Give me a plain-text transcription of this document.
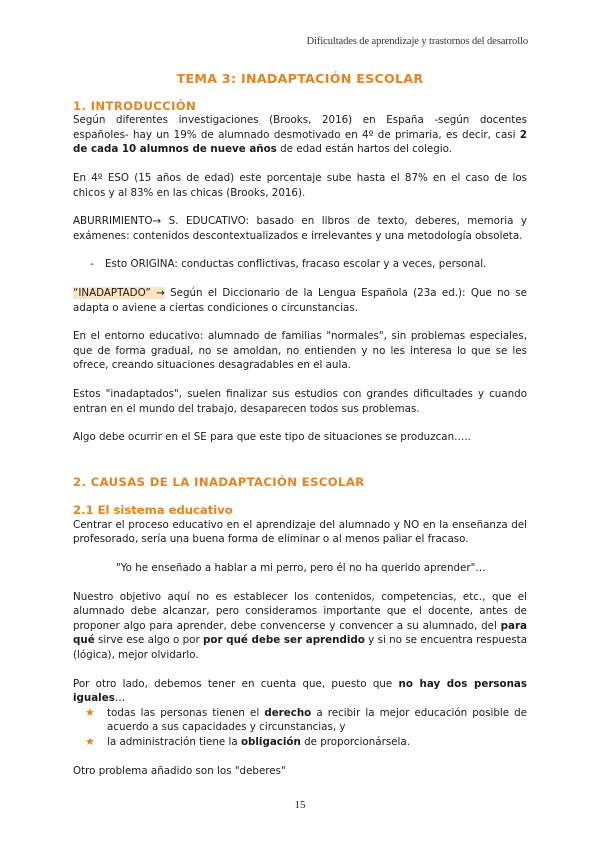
Dificultades de aprendizaje y trastornos del desarrollo
TEMA 3: INADAPTACIÓN ESCOLAR
1. INTRODUCCIÓN

Según diferentes investigaciones (Brooks, 2016) en España -según docentes españoles- hay un 19% de alumnado desmotivado en 4º de primaria, es decir, casi 2 de cada 10 alumnos de nueve años de edad están hartos del colegio.

En 4º ESO (15 años de edad) este porcentaje sube hasta el 87% en el caso de los chicos y al 83% en las chicas (Brooks, 2016).

ABURRIMIENTO→ S. EDUCATIVO: basado en libros de texto, deberes, memoria y exámenes: contenidos descontextualizados e irrelevantes y una metodología obsoleta.

- Esto ORIGINA: conductas conflictivas, fracaso escolar y a veces, personal.

“INADAPTADO” → Según el Diccionario de la Lengua Española (23a ed.): Que no se adapta o aviene a ciertas condiciones o circunstancias.

En el entorno educativo: alumnado de familias "normales", sin problemas especiales, que de forma gradual, no se amoldan, no entienden y no les interesa lo que se les ofrece, creando situaciones desagradables en el aula.

Estos "inadaptados", suelen finalizar sus estudios con grandes dificultades y cuando entran en el mundo del trabajo, desaparecen todos sus problemas.

Algo debe ocurrir en el SE para que este tipo de situaciones se produzcan…..

2. CAUSAS DE LA INADAPTACIÓN ESCOLAR
2.1 El sistema educativo

Centrar el proceso educativo en el aprendizaje del alumnado y NO en la enseñanza del profesorado, sería una buena forma de eliminar o al menos paliar el fracaso.

"Yo he enseñado a hablar a mi perro, pero él no ha querido aprender"…

Nuestro objetivo aquí no es establecer los contenidos, competencias, etc., que el alumnado debe alcanzar, pero consideramos importante que el docente, antes de proponer algo para aprender, debe convencerse y convencer a su alumnado, del para qué sirve ese algo o por por qué debe ser aprendido y si no se encuentra respuesta (lógica), mejor olvidarlo.

Por otro lado, debemos tener en cuenta que, puesto que no hay dos personas iguales…

★ todas las personas tienen el derecho a recibir la mejor educación posible de acuerdo a sus capacidades y circunstancias, y
★ la administración tiene la obligación de proporcionársela.

Otro problema añadido son los "deberes"

15
